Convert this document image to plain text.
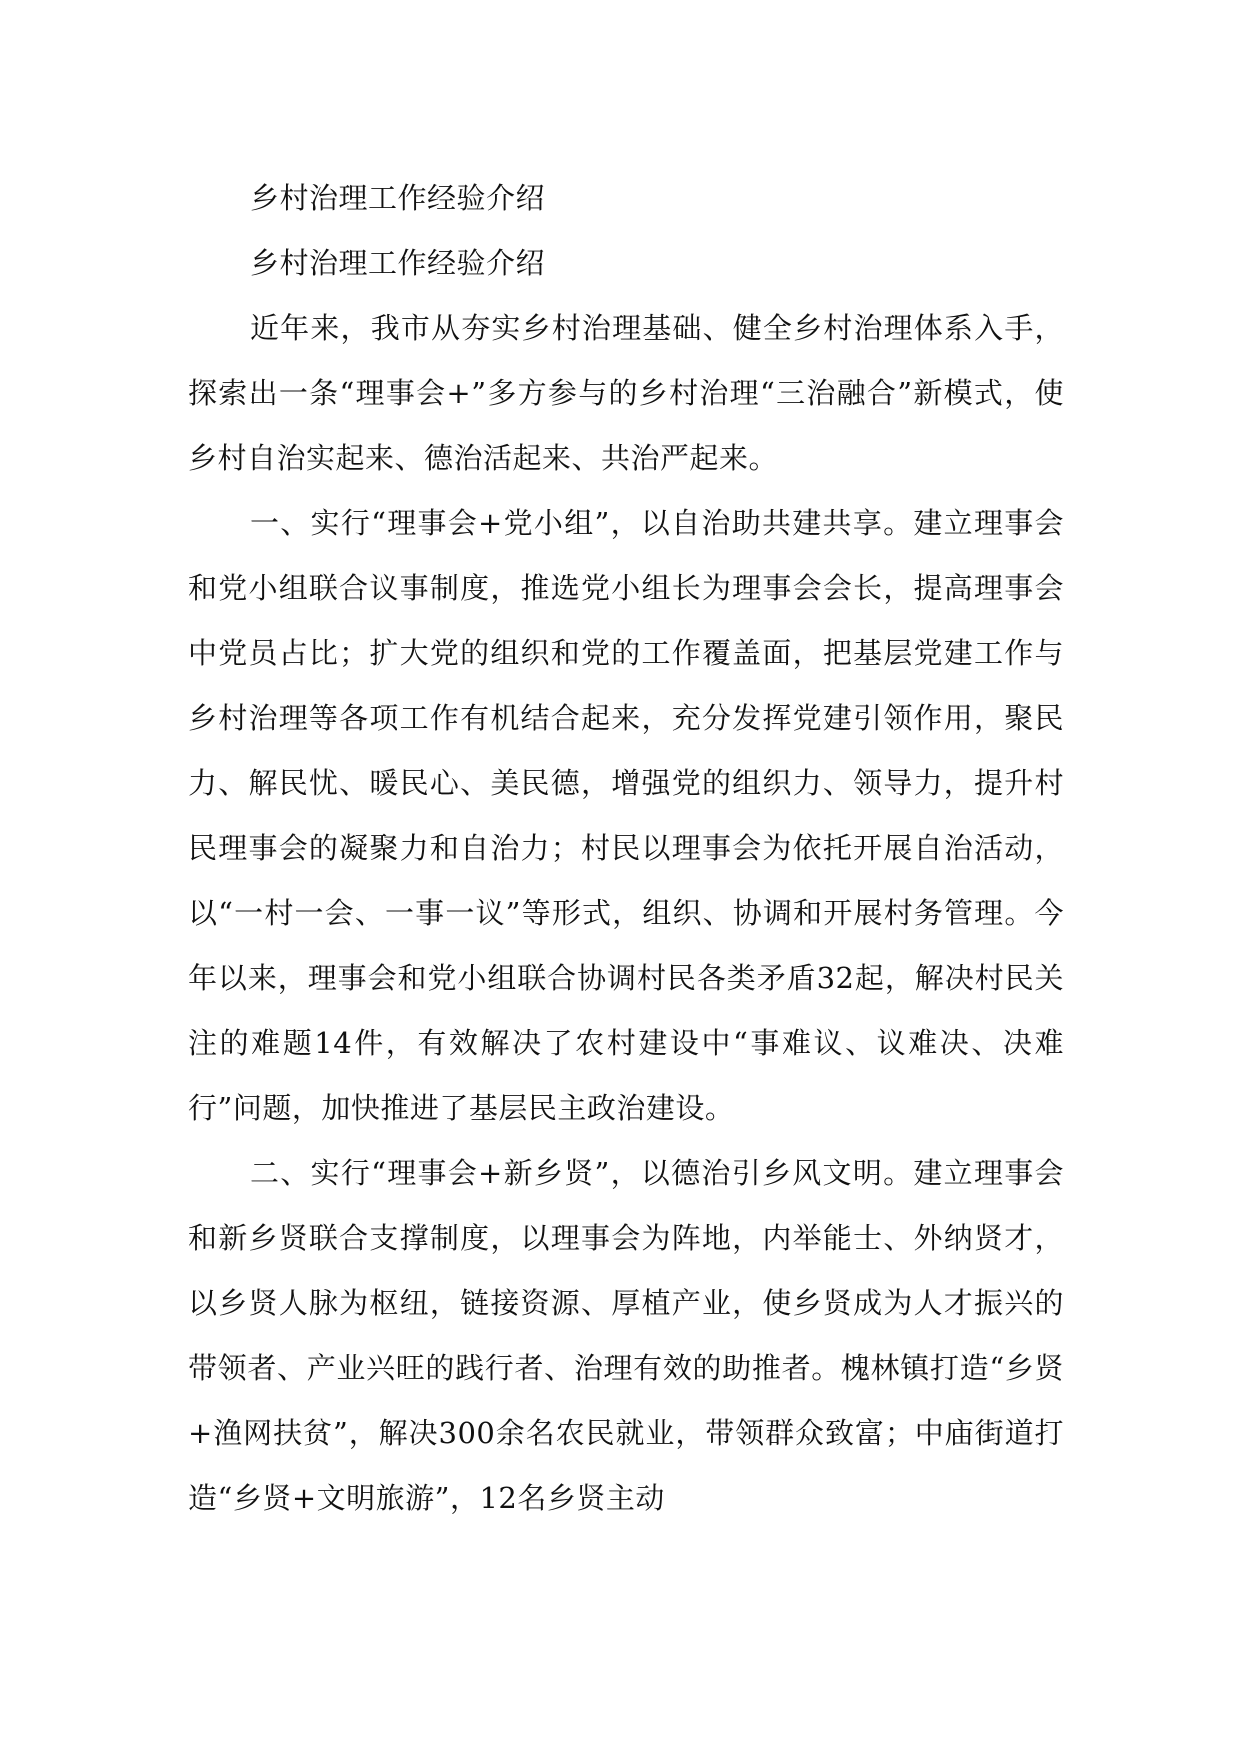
乡村治理工作经验介绍

乡村治理工作经验介绍

近年来，我市从夯实乡村治理基础、健全乡村治理体系入手，探索出一条“理事会+”多方参与的乡村治理“三治融合”新模式，使乡村自治实起来、德治活起来、共治严起来。

一、实行“理事会+党小组”，以自治助共建共享。建立理事会和党小组联合议事制度，推选党小组长为理事会会长，提高理事会中党员占比；扩大党的组织和党的工作覆盖面，把基层党建工作与乡村治理等各项工作有机结合起来，充分发挥党建引领作用，聚民力、解民忧、暖民心、美民德，增强党的组织力、领导力，提升村民理事会的凝聚力和自治力；村民以理事会为依托开展自治活动，以“一村一会、一事一议”等形式，组织、协调和开展村务管理。今年以来，理事会和党小组联合协调村民各类矛盾32起，解决村民关注的难题14件，有效解决了农村建设中“事难议、议难决、决难行”问题，加快推进了基层民主政治建设。

二、实行“理事会+新乡贤”，以德治引乡风文明。建立理事会和新乡贤联合支撑制度，以理事会为阵地，内举能士、外纳贤才，以乡贤人脉为枢纽，链接资源、厚植产业，使乡贤成为人才振兴的带领者、产业兴旺的践行者、治理有效的助推者。槐林镇打造“乡贤+渔网扶贫”，解决300余名农民就业，带领群众致富；中庙街道打造“乡贤+文明旅游”，12名乡贤主动
